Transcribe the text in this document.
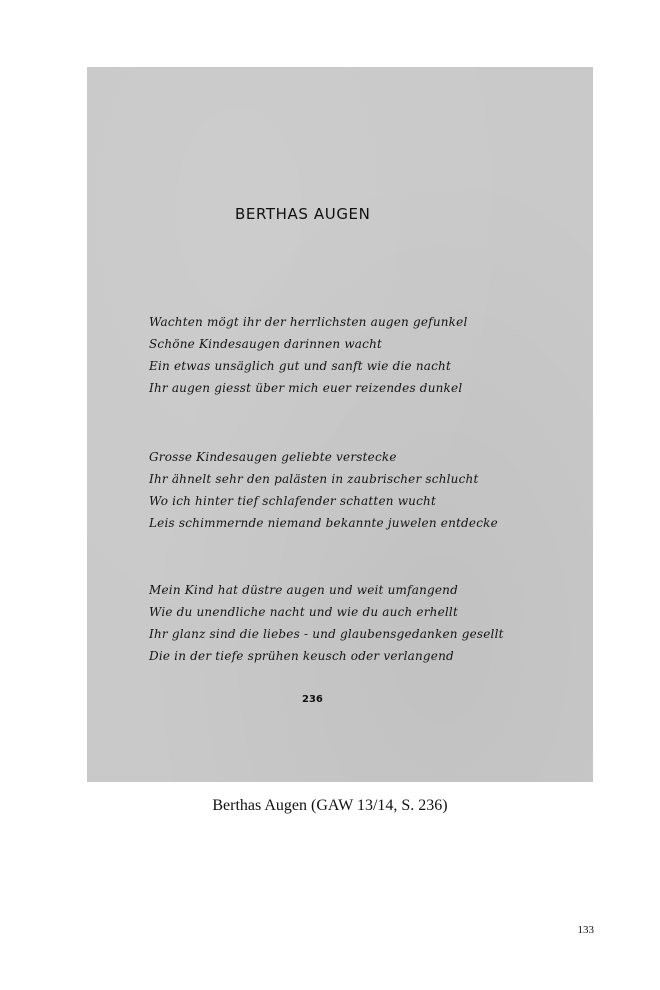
BERTHAS AUGEN
Wachten mögt ihr der herrlichsten augen gefunkel
Schöne Kindesaugen darinnen wacht
Ein etwas unsäglich gut und sanft wie die nacht
Ihr augen giesst über mich euer reizendes dunkel
Grosse Kindesaugen geliebte verstecke
Ihr ähnelt sehr den palästen in zaubrischer schlucht
Wo ich hinter tief schlafender schatten wucht
Leis schimmernde niemand bekannte juwelen entdecke
Mein Kind hat düstre augen und weit umfangend
Wie du unendliche nacht und wie du auch erhellt
Ihr glanz sind die liebes - und glaubensgedanken gesellt
Die in der tiefe sprühen keusch oder verlangend
236
Berthas Augen (GAW 13/14, S. 236)
133
